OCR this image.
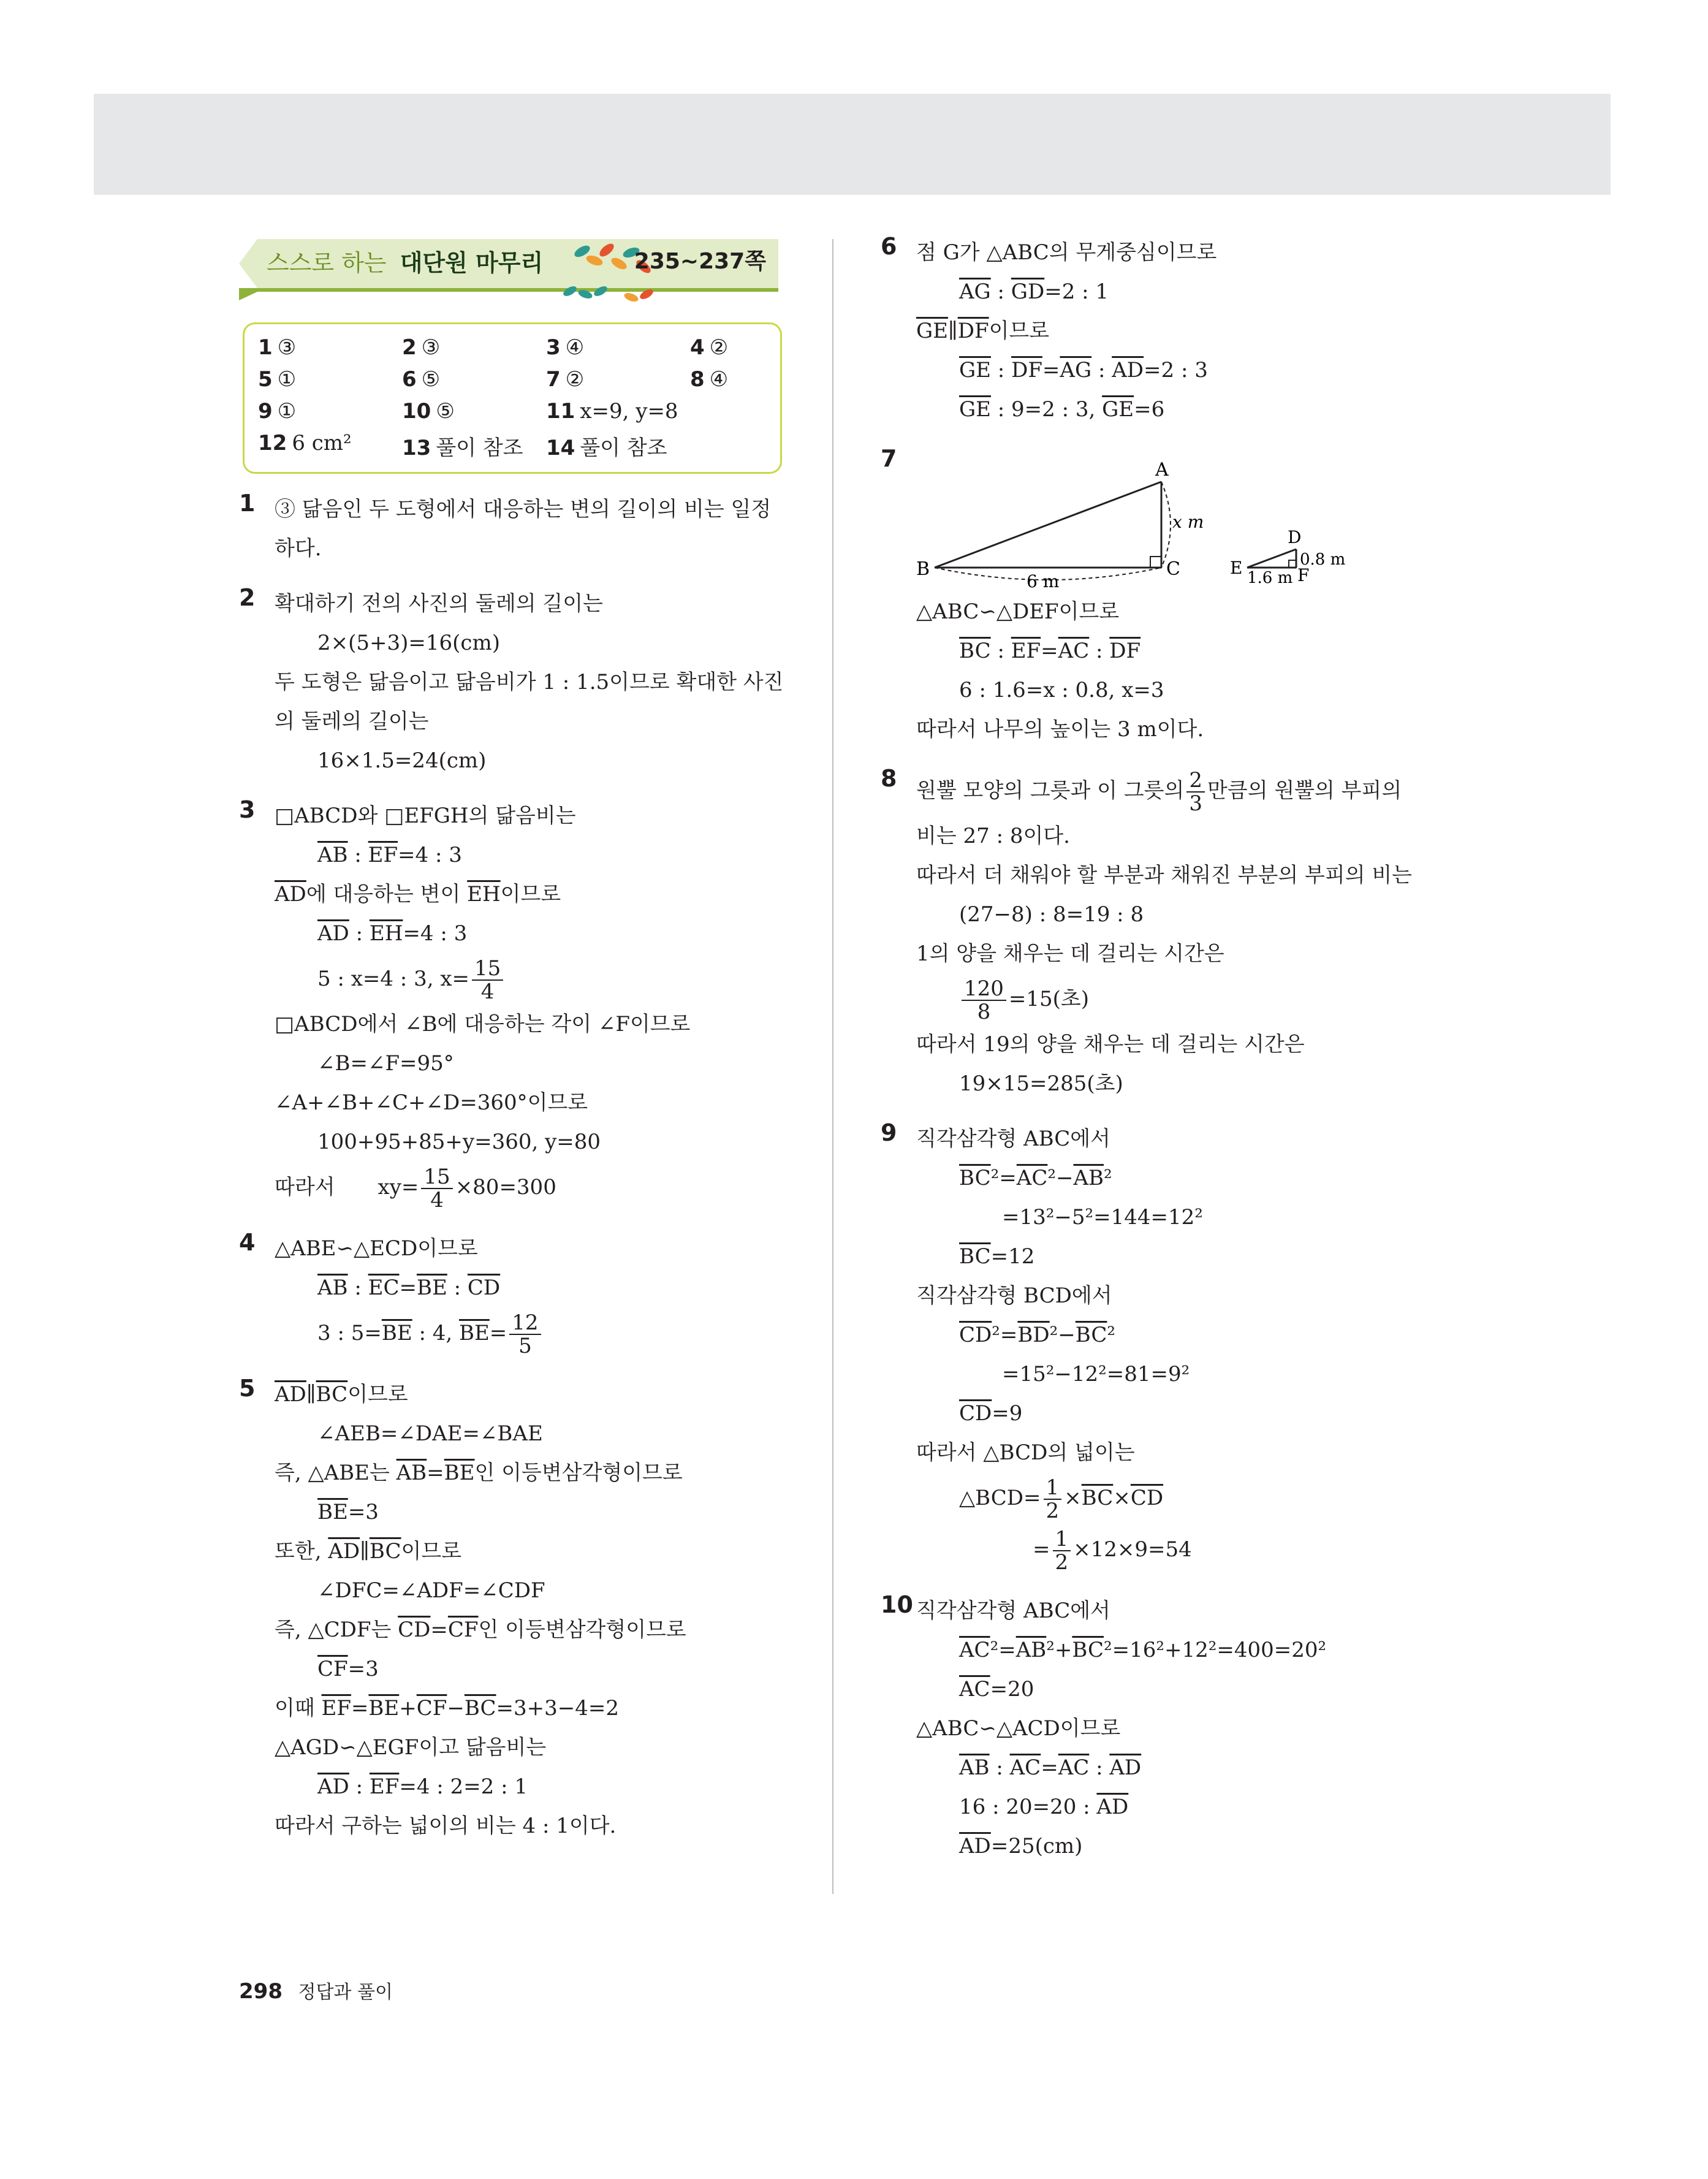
스스로 하는 대단원 마무리	235~237쪽
1 ③	2 ③	3 ④	4 ②
5 ①	6 ⑤	7 ②	8 ④
9 ①	10 ⑤	11 x=9, y=8
12 6 cm²	13 풀이 참조	14 풀이 참조
1 ③ 닮음인 두 도형에서 대응하는 변의 길이의 비는 일정하다.
2 확대하기 전의 사진의 둘레의 길이는
2×(5+3)=16(cm)
두 도형은 닮음이고 닮음비가 1 : 1.5이므로 확대한 사진의 둘레의 길이는
16×1.5=24(cm)
3 □ABCD와 □EFGH의 닮음비는
$\overline{AB}$ : $\overline{EF}=4$ : 3
$\overline{AD}$에 대응하는 변이 $\overline{EH}$이므로
$\overline{AD}$ : $\overline{EH}=4$ : 3
5 : x=4 : 3, $x= \frac{15}{4}$
□ABCD에서 ∠B에 대응하는 각이 ∠F이므로
∠B=∠F=95°
∠A+∠B+∠C+∠D=360°이므로
100+95+85+y=360, y=80
따라서 $xy= \frac{15}{4} \times 80=300$
4 △ABE∽△ECD이므로
$\overline{AB}$ : $\overline{EC}=\overline{BE}$ : $\overline{CD}$
3 : $5=\overline{BE}$ : 4, $\overline{BE}= \frac{12}{5}$
5 $\overline{AD}\parallel\overline{BC}$이므로
∠AEB=∠DAE=∠BAE
즉, △ABE는 $\overline{AB}=\overline{BE}$인 이등변삼각형이므로
$\overline{BE}=3$
또한, $\overline{AD}\parallel\overline{BC}$이므로
∠DFC=∠ADF=∠CDF
즉, △CDF는 $\overline{CD}=\overline{CF}$인 이등변삼각형이므로
$\overline{CF}=3$
이때 $\overline{EF}=\overline{BE}+\overline{CF}-\overline{BC}=3+3-4=2$
△AGD∽△EGF이고 닮음비는
$\overline{AD}$ : $\overline{EF}=4$ : 2=2 : 1
따라서 구하는 넓이의 비는 4 : 1이다.
6 점 G가 △ABC의 무게중심이므로
$\overline{AG}$ : $\overline{GD}=2$ : 1
$\overline{GE}\parallel\overline{DF}$이므로
$\overline{GE}$ : $\overline{DF}=\overline{AG}$ : $\overline{AD}=2$ : 3
$\overline{GE}$ : 9=2 : 3, $\overline{GE}=6$
7	A
B	C
x m
6 m
D
E	F
0.8 m
1.6 m
△ABC∽△DEF이므로
$\overline{BC}$ : $\overline{EF}=\overline{AC}$ : $\overline{DF}$
6 : 1.6=x : 0.8, x=3
따라서 나무의 높이는 3 m이다.
8 원뿔 모양의 그릇과 이 그릇의 $\frac{2}{3}$ 만큼의 원뿔의 부피의
비는 27 : 8이다.
따라서 더 채워야 할 부분과 채워진 부분의 부피의 비는
(27−8) : 8=19 : 8
1의 양을 채우는 데 걸리는 시간은
$\frac{120}{8} =15$(초)
따라서 19의 양을 채우는 데 걸리는 시간은
19×15=285(초)
9 직각삼각형 ABC에서
$\overline{BC}^2=\overline{AC}^2-\overline{AB}^2$
=13²−5²=144=12²
$\overline{BC}=12$
직각삼각형 BCD에서
$\overline{CD}^2=\overline{BD}^2-\overline{BC}^2$
=15²−12²=81=9²
$\overline{CD}=9$
따라서 △BCD의 넓이는
△BCD= $\frac{1}{2} \times\overline{BC}\times\overline{CD}$
= $\frac{1}{2} \times 12\times 9=54$
10 직각삼각형 ABC에서
$\overline{AC}^2=\overline{AB}^2+\overline{BC}^2=16^2+12^2=400=20^2$
$\overline{AC}=20$
△ABC∽△ACD이므로
$\overline{AB}$ : $\overline{AC}=\overline{AC}$ : $\overline{AD}$
16 : 20=20 : $\overline{AD}$
$\overline{AD}=25(cm)$
298 정답과 풀이
